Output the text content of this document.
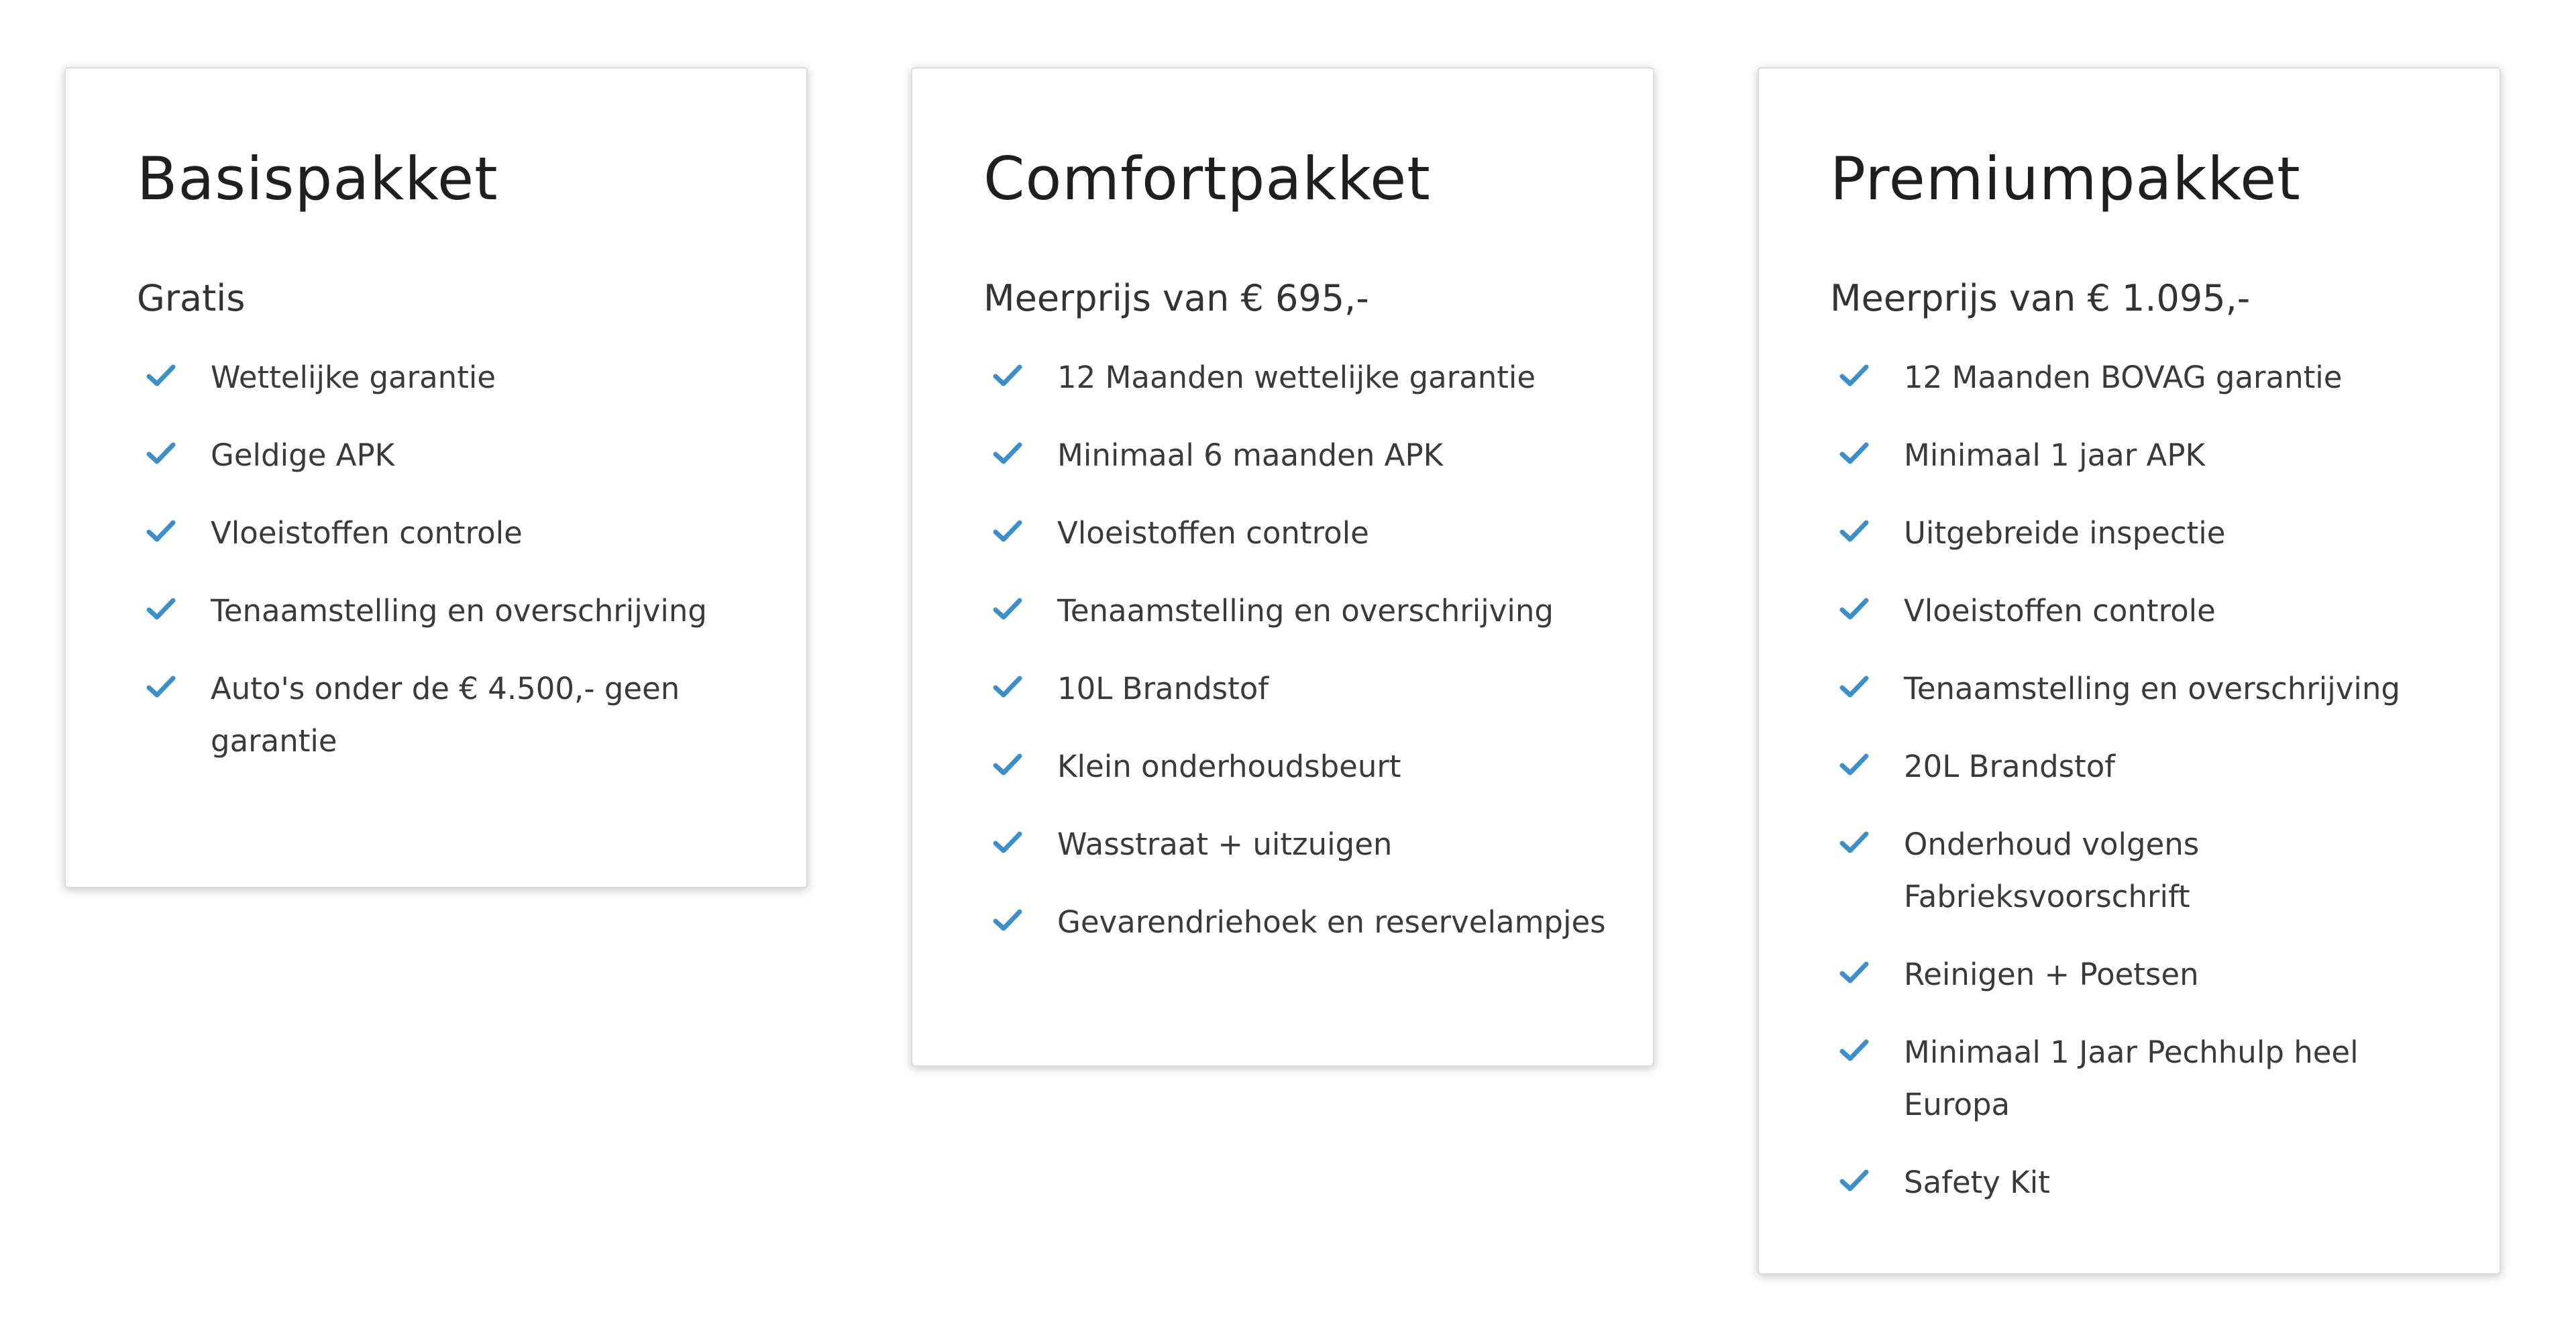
Basispakket
Gratis
Wettelijke garantie
Geldige APK
Vloeistoffen controle
Tenaamstelling en overschrijving
Auto's onder de € 4.500,- geen garantie
Comfortpakket
Meerprijs van € 695,-
12 Maanden wettelijke garantie
Minimaal 6 maanden APK
Vloeistoffen controle
Tenaamstelling en overschrijving
10L Brandstof
Klein onderhoudsbeurt
Wasstraat + uitzuigen
Gevarendriehoek en reservelampjes
Premiumpakket
Meerprijs van € 1.095,-
12 Maanden BOVAG garantie
Minimaal 1 jaar APK
Uitgebreide inspectie
Vloeistoffen controle
Tenaamstelling en overschrijving
20L Brandstof
Onderhoud volgens Fabrieksvoorschrift
Reinigen + Poetsen
Minimaal 1 Jaar Pechhulp heel Europa
Safety Kit
